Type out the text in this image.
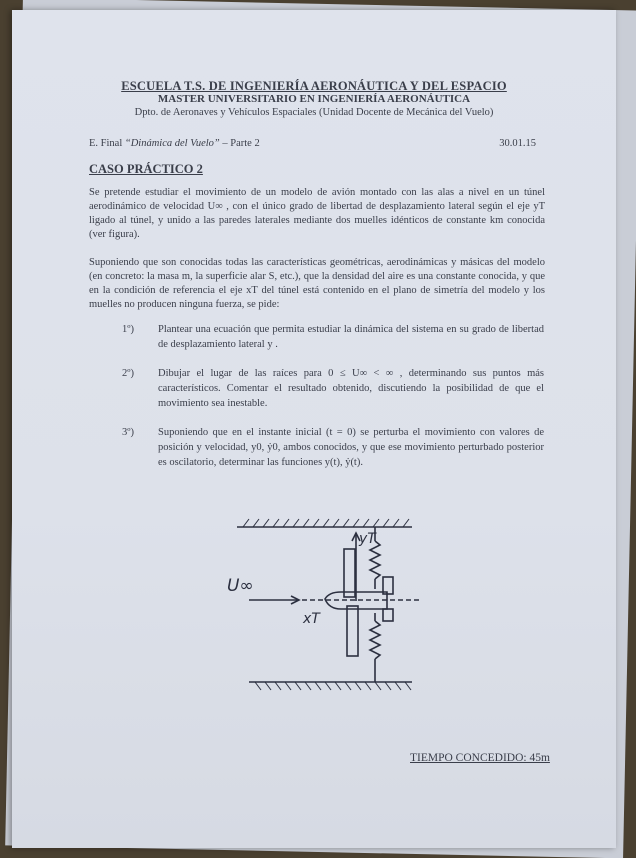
ESCUELA T.S. DE INGENIERÍA AERONÁUTICA Y DEL ESPACIO
MASTER UNIVERSITARIO EN INGENIERÍA AERONÁUTICA
Dpto. de Aeronaves y Vehículos Espaciales (Unidad Docente de Mecánica del Vuelo)
E. Final “Dinámica del Vuelo” – Parte 2	30.01.15
CASO PRÁCTICO 2
Se pretende estudiar el movimiento de un modelo de avión montado con las alas a nivel en un túnel aerodinámico de velocidad U∞ , con el único grado de libertad de desplazamiento lateral según el eje yT ligado al túnel, y unido a las paredes laterales mediante dos muelles idénticos de constante km conocida (ver figura).
Suponiendo que son conocidas todas las características geométricas, aerodinámicas y másicas del modelo (en concreto: la masa m, la superficie alar S, etc.), que la densidad del aire es una constante conocida, y que en la condición de referencia el eje xT del túnel está contenido en el plano de simetría del modelo y los muelles no producen ninguna fuerza, se pide:
1º) Plantear una ecuación que permita estudiar la dinámica del sistema en su grado de libertad de desplazamiento lateral y .
2º) Dibujar el lugar de las raíces para 0 ≤ U∞ < ∞ , determinando sus puntos más característicos. Comentar el resultado obtenido, discutiendo la posibilidad de que el movimiento sea inestable.
3º) Suponiendo que en el instante inicial (t = 0) se perturba el movimiento con valores de posición y velocidad, y0, ẏ0, ambos conocidos, y que ese movimiento perturbado posterior es oscilatorio, determinar las funciones y(t), ẏ(t).
U∞
xT
yT
TIEMPO CONCEDIDO: 45m
